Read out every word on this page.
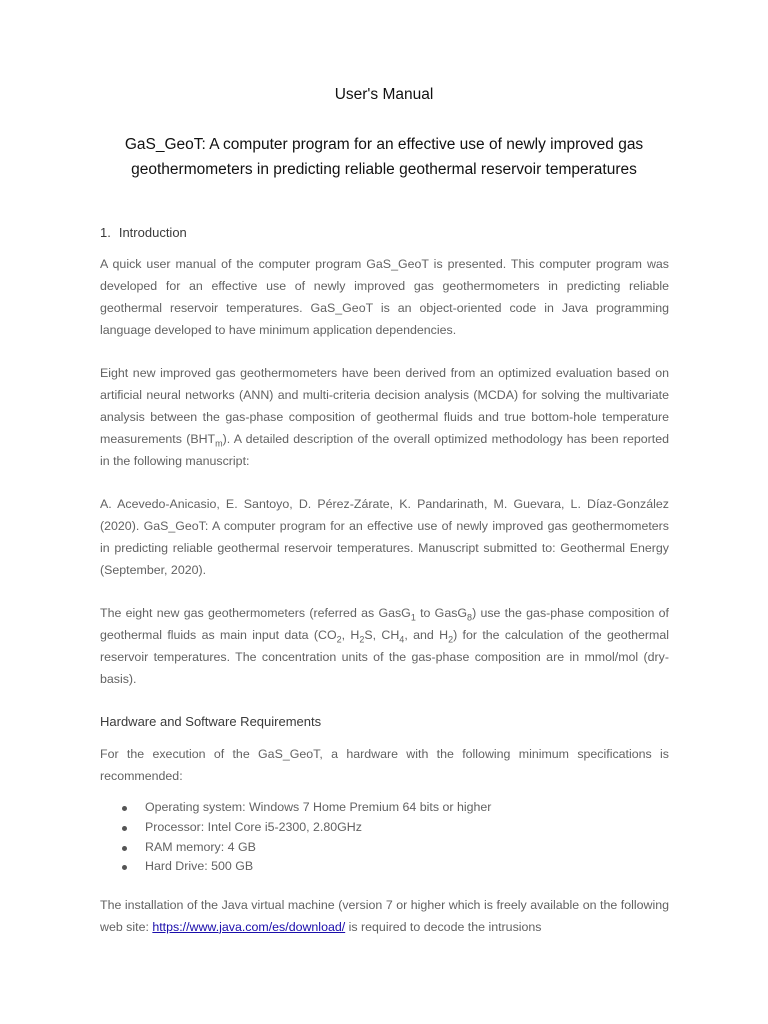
User's Manual
GaS_GeoT: A computer program for an effective use of newly improved gas
geothermometers in predicting reliable geothermal reservoir temperatures
1. Introduction
A quick user manual of the computer program GaS_GeoT is presented. This computer program was developed for an effective use of newly improved gas geothermometers in predicting reliable geothermal reservoir temperatures. GaS_GeoT is an object-oriented code in Java programming language developed to have minimum application dependencies.
Eight new improved gas geothermometers have been derived from an optimized evaluation based on artificial neural networks (ANN) and multi-criteria decision analysis (MCDA) for solving the multivariate analysis between the gas-phase composition of geothermal fluids and true bottom-hole temperature measurements $(BHT_m)$. A detailed description of the overall optimized methodology has been reported in the following manuscript:
A. Acevedo-Anicasio, E. Santoyo, D. Pérez-Zárate, K. Pandarinath, M. Guevara, L. Díaz-González (2020). GaS_GeoT: A computer program for an effective use of newly improved gas geothermometers in predicting reliable geothermal reservoir temperatures. Manuscript submitted to: Geothermal Energy (September, 2020).
The eight new gas geothermometers (referred as GasG$_1$ to GasG$_8$) use the gas-phase composition of geothermal fluids as main input data ($CO_2$, $H_2S$, $CH_4$, and $H_2$) for the calculation of the geothermal reservoir temperatures. The concentration units of the gas-phase composition are in mmol/mol (dry-basis).
Hardware and Software Requirements
For the execution of the GaS_GeoT, a hardware with the following minimum specifications is recommended:
Operating system: Windows 7 Home Premium 64 bits or higher
Processor: Intel Core i5-2300, 2.80GHz
RAM memory: 4 GB
Hard Drive: 500 GB
The installation of the Java virtual machine (version 7 or higher which is freely available on the following web site: https://www.java.com/es/download/ is required to decode the intrusions
